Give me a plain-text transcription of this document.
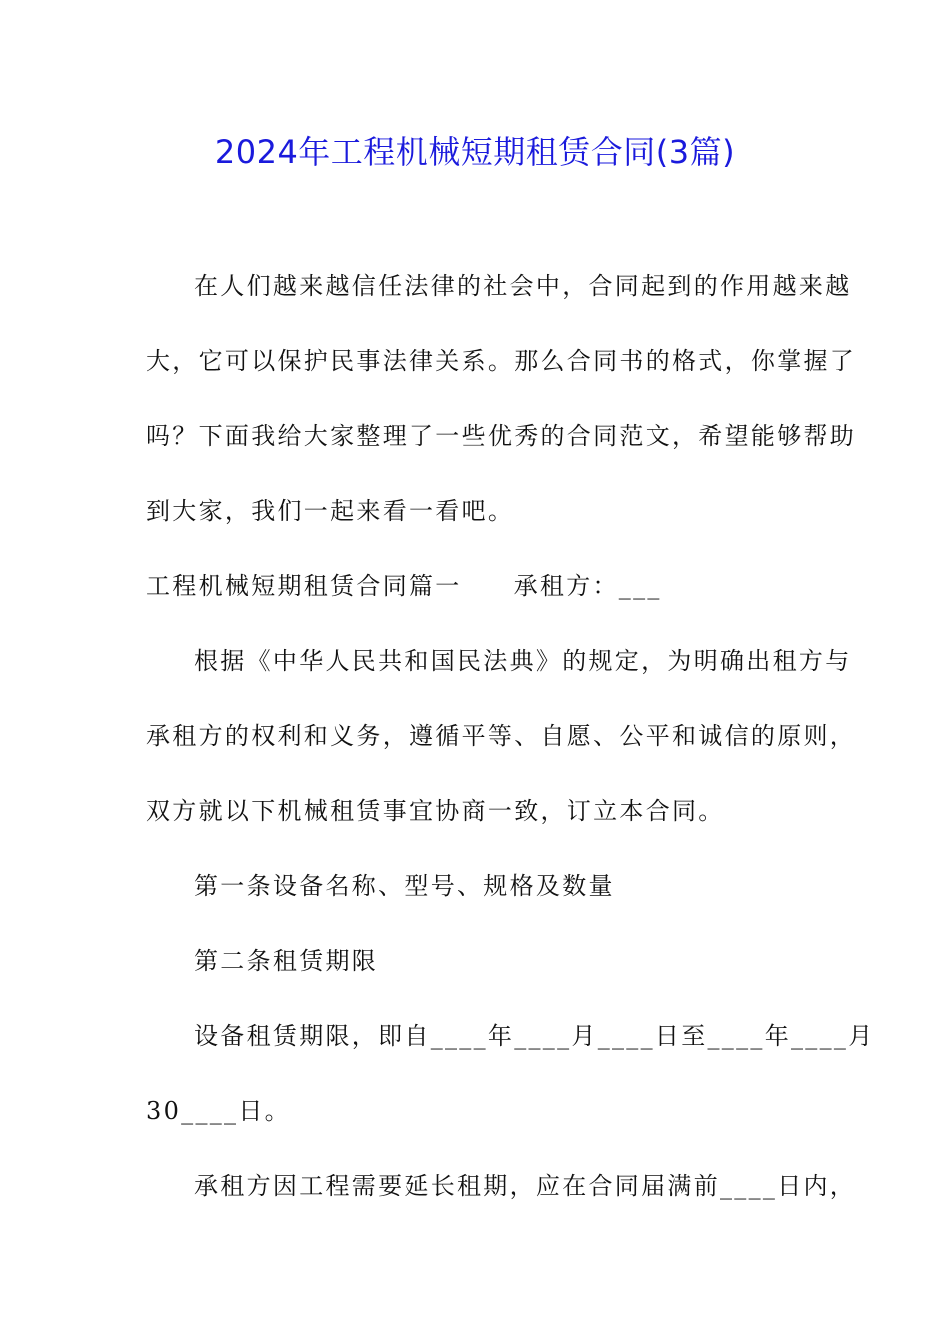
2024年工程机械短期租赁合同(3篇)
在人们越来越信任法律的社会中，合同起到的作用越来越
大，它可以保护民事法律关系。那么合同书的格式，你掌握了
吗？下面我给大家整理了一些优秀的合同范文，希望能够帮助
到大家，我们一起来看一看吧。
工程机械短期租赁合同篇一 承租方：___
根据《中华人民共和国民法典》的规定，为明确出租方与
承租方的权利和义务，遵循平等、自愿、公平和诚信的原则，
双方就以下机械租赁事宜协商一致，订立本合同。
第一条设备名称、型号、规格及数量
第二条租赁期限
设备租赁期限，即自____年____月____日至____年____月
30____日。
承租方因工程需要延长租期，应在合同届满前____日内，
